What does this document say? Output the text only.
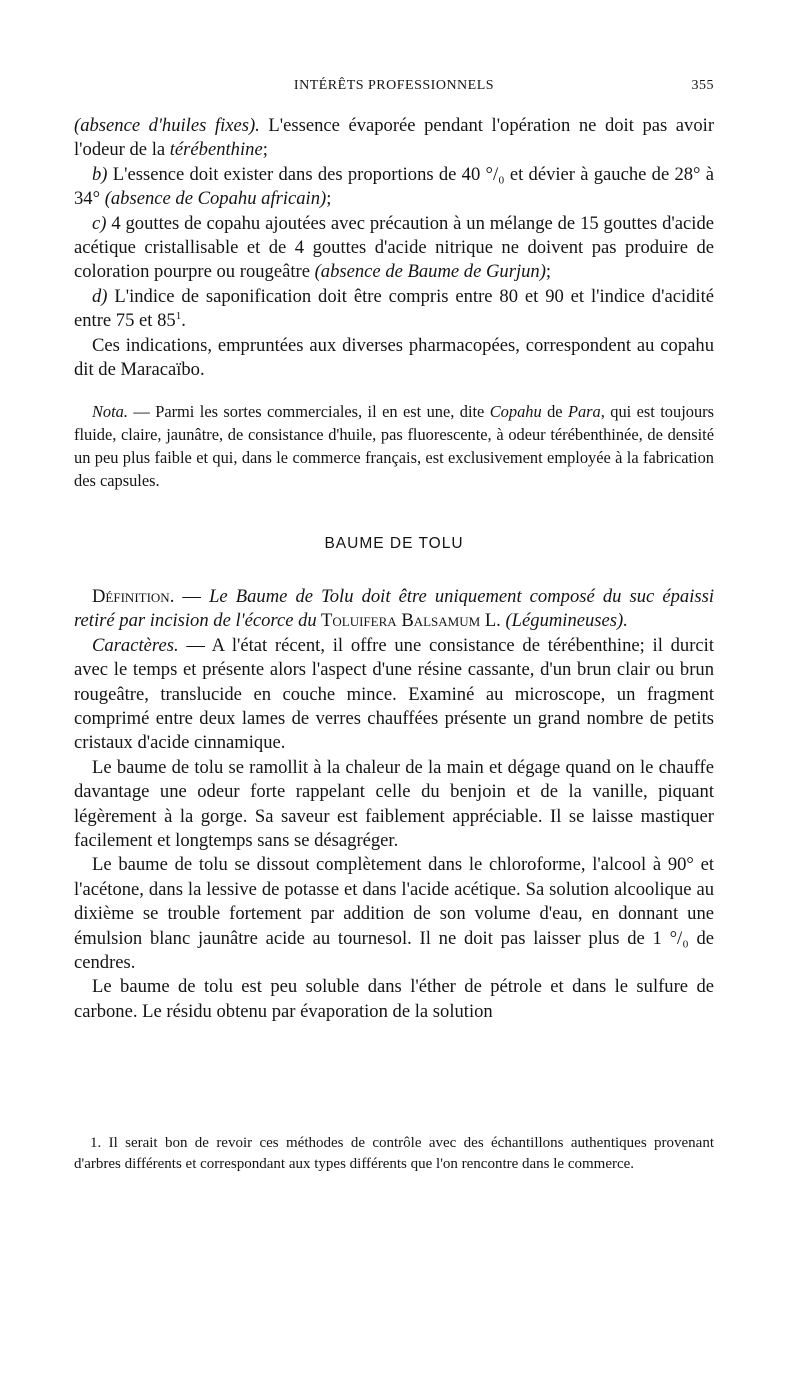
INTÉRÊTS PROFESSIONNELS	355

(absence d'huiles fixes). L'essence évaporée pendant l'opération ne doit pas avoir l'odeur de la térébenthine;

b) L'essence doit exister dans des proportions de 40 °/₀ et dévier à gauche de 28° à 34° (absence de Copahu africain);

c) 4 gouttes de copahu ajoutées avec précaution à un mélange de 15 gouttes d'acide acétique cristallisable et de 4 gouttes d'acide nitrique ne doivent pas produire de coloration pourpre ou rougeâtre (absence de Baume de Gurjun);

d) L'indice de saponification doit être compris entre 80 et 90 et l'indice d'acidité entre 75 et $85^1$.

Ces indications, empruntées aux diverses pharmacopées, correspondent au copahu dit de Maracaïbo.

Nota. — Parmi les sortes commerciales, il en est une, dite Copahu de Para, qui est toujours fluide, claire, jaunâtre, de consistance d'huile, pas fluorescente, à odeur térébenthinée, de densité un peu plus faible et qui, dans le commerce français, est exclusivement employée à la fabrication des capsules.

BAUME DE TOLU

Définition. — Le Baume de Tolu doit être uniquement composé du suc épaissi retiré par incision de l'écorce du Toluifera Balsamum L. (Légumineuses).

Caractères. — A l'état récent, il offre une consistance de térébenthine; il durcit avec le temps et présente alors l'aspect d'une résine cassante, d'un brun clair ou brun rougeâtre, translucide en couche mince. Examiné au microscope, un fragment comprimé entre deux lames de verres chauffées présente un grand nombre de petits cristaux d'acide cinnamique.

Le baume de tolu se ramollit à la chaleur de la main et dégage quand on le chauffe davantage une odeur forte rappelant celle du benjoin et de la vanille, piquant légèrement à la gorge. Sa saveur est faiblement appréciable. Il se laisse mastiquer facilement et longtemps sans se désagréger.

Le baume de tolu se dissout complètement dans le chloroforme, l'alcool à 90° et l'acétone, dans la lessive de potasse et dans l'acide acétique. Sa solution alcoolique au dixième se trouble fortement par addition de son volume d'eau, en donnant une émulsion blanc jaunâtre acide au tournesol. Il ne doit pas laisser plus de 1 °/₀ de cendres.

Le baume de tolu est peu soluble dans l'éther de pétrole et dans le sulfure de carbone. Le résidu obtenu par évaporation de la solution

1. Il serait bon de revoir ces méthodes de contrôle avec des échantillons authentiques provenant d'arbres différents et correspondant aux types différents que l'on rencontre dans le commerce.
